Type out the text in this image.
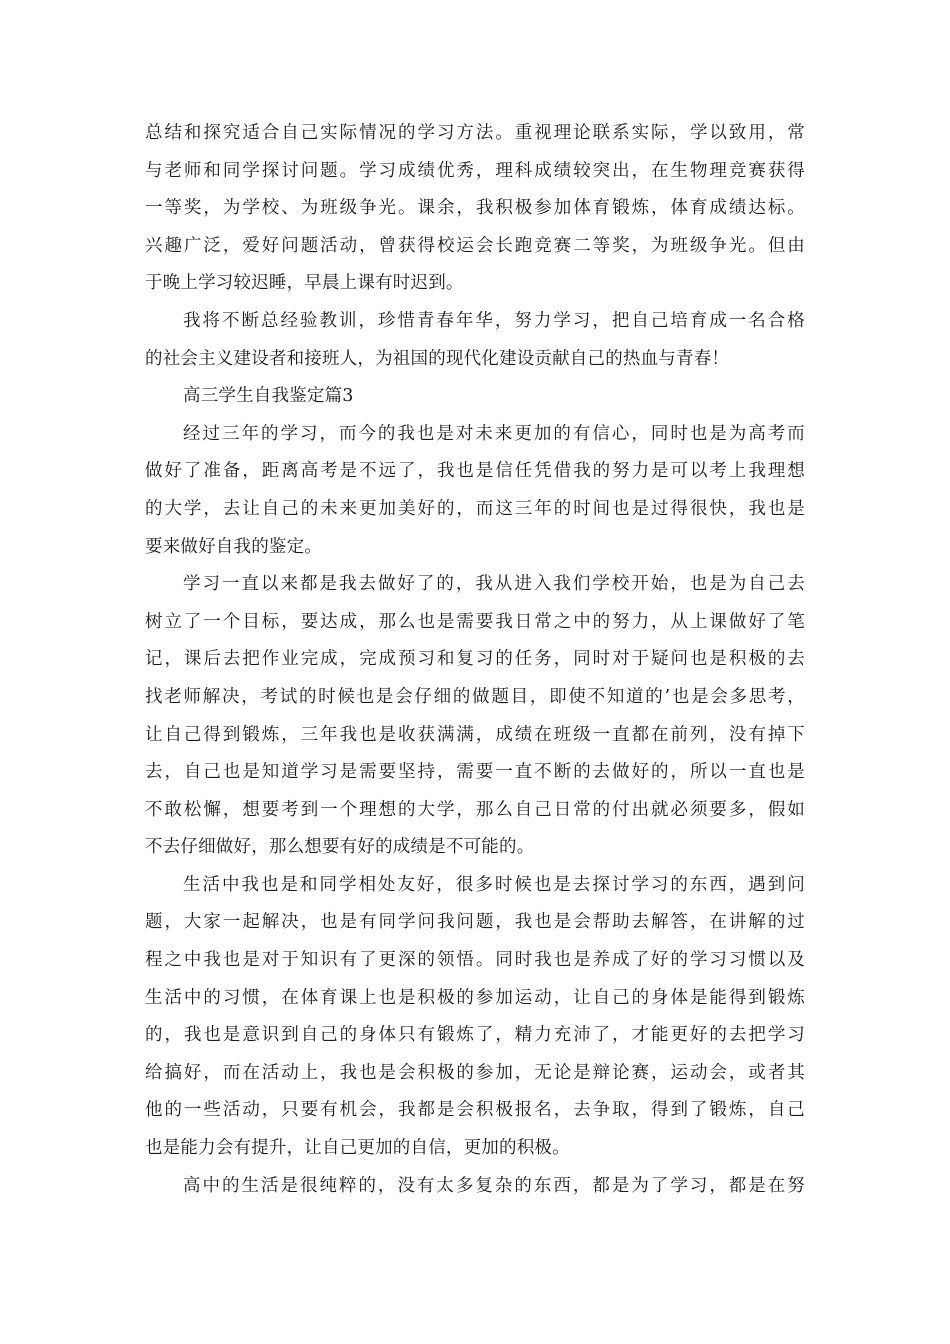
总结和探究适合自己实际情况的学习方法。重视理论联系实际，学以致用，常
与老师和同学探讨问题。学习成绩优秀，理科成绩较突出，在生物理竞赛获得
一等奖，为学校、为班级争光。课余，我积极参加体育锻炼，体育成绩达标。
兴趣广泛，爱好问题活动，曾获得校运会长跑竞赛二等奖，为班级争光。但由
于晚上学习较迟睡，早晨上课有时迟到。
我将不断总经验教训，珍惜青春年华，努力学习，把自己培育成一名合格
的社会主义建设者和接班人，为祖国的现代化建设贡献自己的热血与青春！
高三学生自我鉴定篇3
经过三年的学习，而今的我也是对未来更加的有信心，同时也是为高考而
做好了准备，距离高考是不远了，我也是信任凭借我的努力是可以考上我理想
的大学，去让自己的未来更加美好的，而这三年的时间也是过得很快，我也是
要来做好自我的鉴定。
学习一直以来都是我去做好了的，我从进入我们学校开始，也是为自己去
树立了一个目标，要达成，那么也是需要我日常之中的努力，从上课做好了笔
记，课后去把作业完成，完成预习和复习的任务，同时对于疑问也是积极的去
找老师解决，考试的时候也是会仔细的做题目，即使不知道的’也是会多思考，
让自己得到锻炼，三年我也是收获满满，成绩在班级一直都在前列，没有掉下
去，自己也是知道学习是需要坚持，需要一直不断的去做好的，所以一直也是
不敢松懈，想要考到一个理想的大学，那么自己日常的付出就必须要多，假如
不去仔细做好，那么想要有好的成绩是不可能的。
生活中我也是和同学相处友好，很多时候也是去探讨学习的东西，遇到问
题，大家一起解决，也是有同学问我问题，我也是会帮助去解答，在讲解的过
程之中我也是对于知识有了更深的领悟。同时我也是养成了好的学习习惯以及
生活中的习惯，在体育课上也是积极的参加运动，让自己的身体是能得到锻炼
的，我也是意识到自己的身体只有锻炼了，精力充沛了，才能更好的去把学习
给搞好，而在活动上，我也是会积极的参加，无论是辩论赛，运动会，或者其
他的一些活动，只要有机会，我都是会积极报名，去争取，得到了锻炼，自己
也是能力会有提升，让自己更加的自信，更加的积极。
高中的生活是很纯粹的，没有太多复杂的东西，都是为了学习，都是在努
